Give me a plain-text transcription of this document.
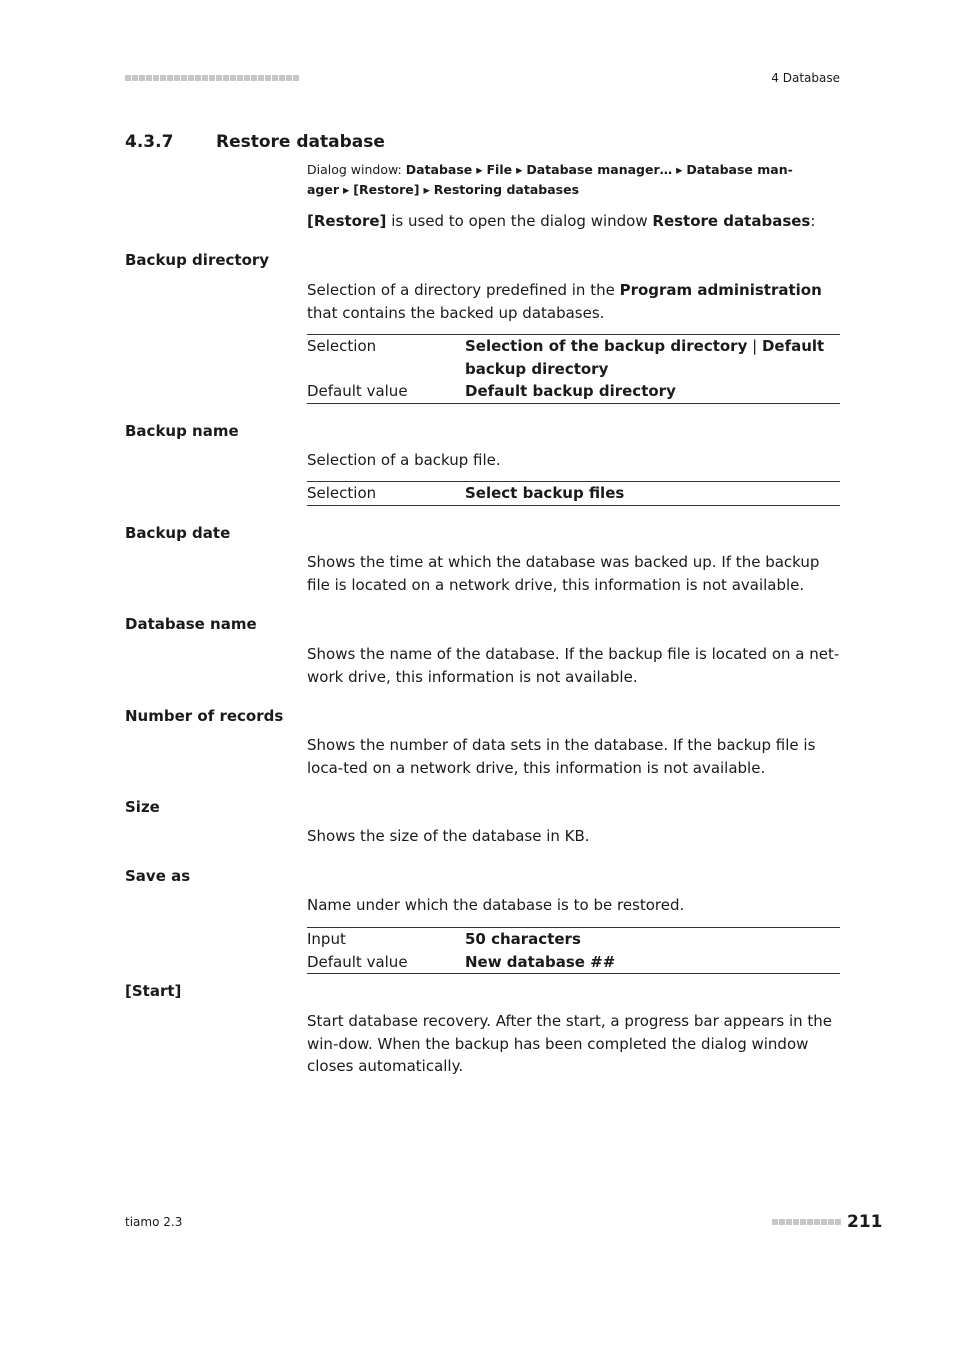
4 Database
4.3.7	Restore database
Dialog window: Database ▸ File ▸ Database manager… ▸ Database man-
ager ▸ [Restore] ▸ Restoring databases
[Restore] is used to open the dialog window Restore databases:
Backup directory
Selection of a directory predefined in the Program administration that contains the backed up databases.
Selection	Selection of the backup directory | Default backup directory
Default value	Default backup directory
Backup name
Selection of a backup file.
Selection	Select backup files
Backup date
Shows the time at which the database was backed up. If the backup file is located on a network drive, this information is not available.
Database name
Shows the name of the database. If the backup file is located on a net-work drive, this information is not available.
Number of records
Shows the number of data sets in the database. If the backup file is loca-ted on a network drive, this information is not available.
Size
Shows the size of the database in KB.
Save as
Name under which the database is to be restored.
Input	50 characters
Default value	New database ##
[Start]
Start database recovery. After the start, a progress bar appears in the win-dow. When the backup has been completed the dialog window closes automatically.
tiamo 2.3	211
